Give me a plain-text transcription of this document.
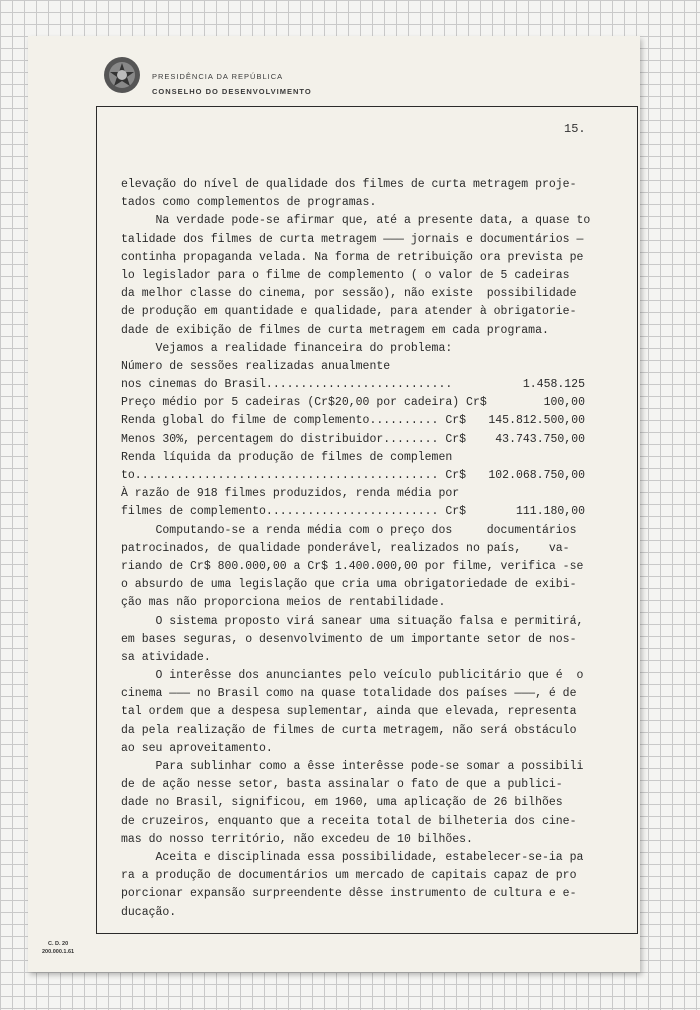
PRESIDÊNCIA DA REPÚBLICA
CONSELHO DO DESENVOLVIMENTO
15.
elevação do nível de qualidade dos filmes de curta metragem proje-
tados como complementos de programas.
Na verdade pode-se afirmar que, até a presente data, a quase to
talidade dos filmes de curta metragem ——— jornais e documentários —
continha propaganda velada. Na forma de retribuição ora prevista pe
lo legislador para o filme de complemento ( o valor de 5 cadeiras
da melhor classe do cinema, por sessão), não existe  possibilidade
de produção em quantidade e qualidade, para atender à obrigatorie-
dade de exibição de filmes de curta metragem em cada programa.
Vejamos a realidade financeira do problema:
Número de sessões realizadas anualmente
nos cinemas do Brasil...........................	1.458.125
Preço médio por 5 cadeiras (Cr$20,00 por cadeira) Cr$	100,00
Renda global do filme de complemento.......... Cr$ 145.812.500,00
Menos 30%, percentagem do distribuidor........ Cr$	43.743.750,00
Renda líquida da produção de filmes de complemen
to............................................ Cr$ 102.068.750,00
À razão de 918 filmes produzidos, renda média por
filmes de complemento......................... Cr$	111.180,00
Computando-se a renda média com o preço dos     documentários
patrocinados, de qualidade ponderável, realizados no país,    va-
riando de Cr$ 800.000,00 a Cr$ 1.400.000,00 por filme, verifica -se
o absurdo de uma legislação que cria uma obrigatoriedade de exibi-
ção mas não proporciona meios de rentabilidade.
O sistema proposto virá sanear uma situação falsa e permitirá,
em bases seguras, o desenvolvimento de um importante setor de nos-
sa atividade.
O interêsse dos anunciantes pelo veículo publicitário que é  o
cinema ——— no Brasil como na quase totalidade dos países ———, é de
tal ordem que a despesa suplementar, ainda que elevada, representa
da pela realização de filmes de curta metragem, não será obstáculo
ao seu aproveitamento.
Para sublinhar como a êsse interêsse pode-se somar a possibili
de de ação nesse setor, basta assinalar o fato de que a publici-
dade no Brasil, significou, em 1960, uma aplicação de 26 bilhões
de cruzeiros, enquanto que a receita total de bilheteria dos cine-
mas do nosso território, não excedeu de 10 bilhões.
Aceita e disciplinada essa possibilidade, estabelecer-se-ia pa
ra a produção de documentários um mercado de capitais capaz de pro
porcionar expansão surpreendente dêsse instrumento de cultura e e-
ducação.
C. D. 20
200.000.1.61
